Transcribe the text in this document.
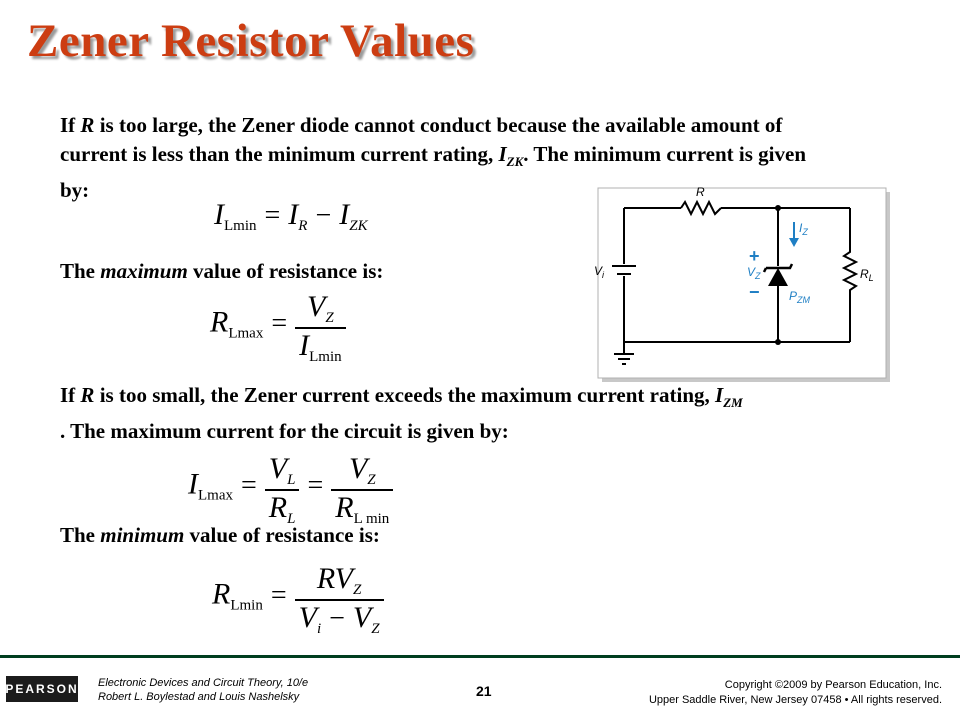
Zener Resistor Values
If R is too large, the Zener diode cannot conduct because the available amount of current is less than the minimum current rating, $I_{ZK}$. The minimum current is given by:
ILmin = IR − IZK
The maximum value of resistance is:
$RLmax = \frac{VZ}{ILmin}$
If R is too small, the Zener current exceeds the maximum current rating, $I_{ZM}$ . The maximum current for the circuit is given by:
$ILmax = \frac{VL}{RL} = \frac{VZ}{\text{RL min}}$
The minimum value of resistance is:
$RLmin = \frac{\text{RVZ}}{Vi - VZ}$
R
$V_i$	$R_L$
$I_Z$
$V_Z$
$P_{ZM}$
+
−
PEARSON Electronic Devices and Circuit Theory, 10/e
Robert L. Boylestad and Louis Nashelsky	21	Copyright ©2009 by Pearson Education, Inc.
Upper Saddle River, New Jersey 07458 • All rights reserved.
